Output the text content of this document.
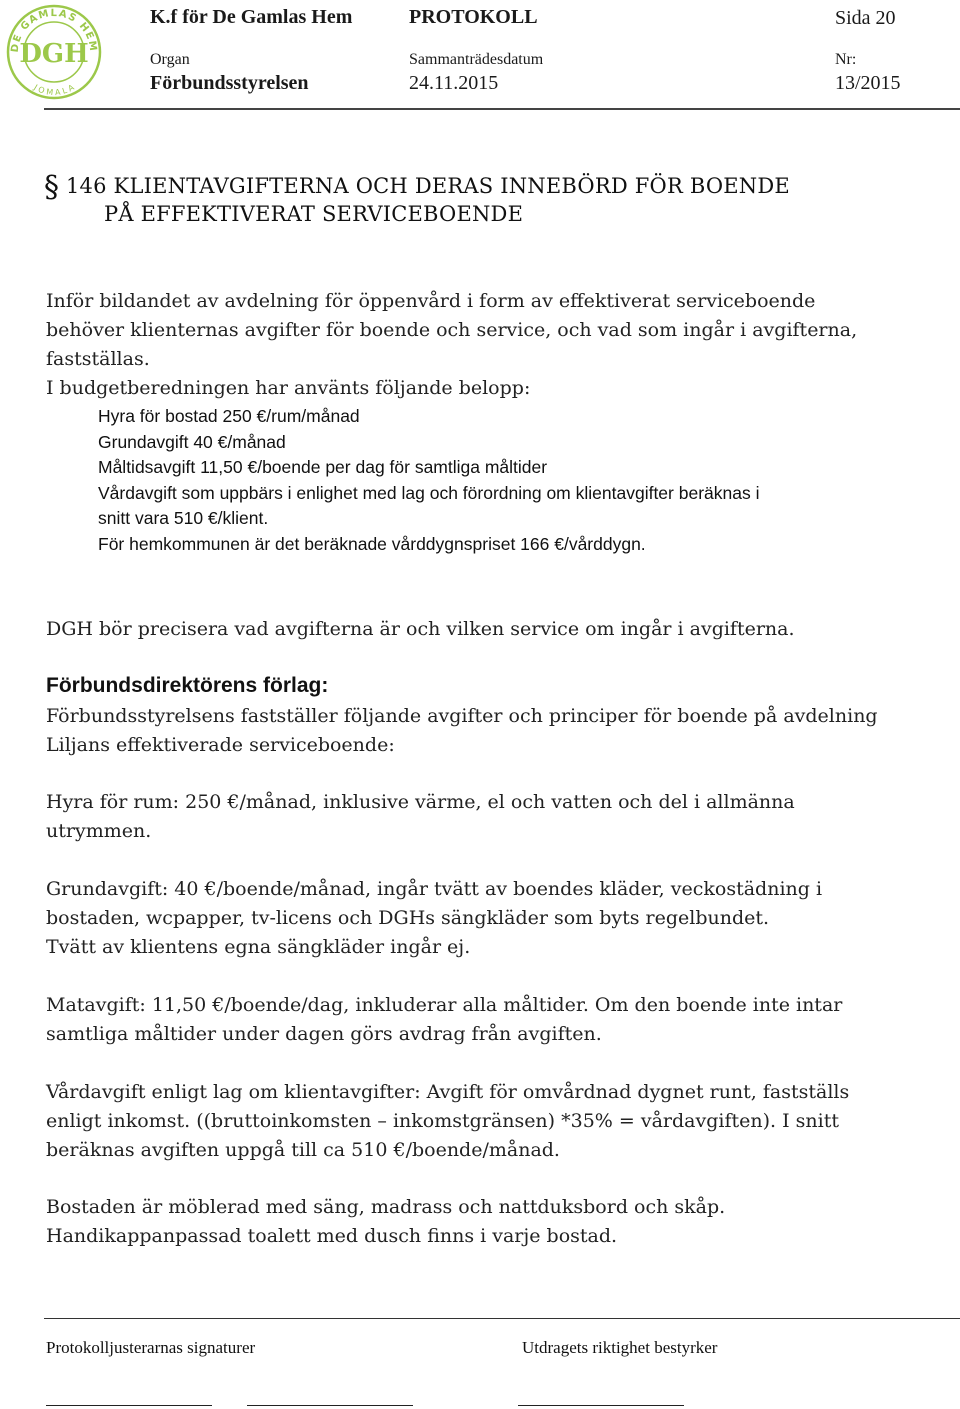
DE GAMLAS HEM
J O M A L A
DGH
K.f för De Gamlas Hem	PROTOKOLL	Sida 20
Organ	Sammanträdesdatum	Nr:
Förbundsstyrelsen	24.11.2015	13/2015
§ 146 KLIENTAVGIFTERNA OCH DERAS INNEBÖRD FÖR BOENDE
PÅ EFFEKTIVERAT SERVICEBOENDE
Inför bildandet av avdelning för öppenvård i form av effektiverat serviceboende
behöver klienternas avgifter för boende och service, och vad som ingår i avgifterna,
fastställas.
I budgetberedningen har använts följande belopp:
Hyra för bostad 250 €/rum/månad
Grundavgift 40 €/månad
Måltidsavgift 11,50 €/boende per dag för samtliga måltider
Vårdavgift som uppbärs i enlighet med lag och förordning om klientavgifter beräknas i
snitt vara 510 €/klient.
För hemkommunen är det beräknade vårddygnspriset 166 €/vårddygn.
DGH bör precisera vad avgifterna är och vilken service om ingår i avgifterna.
Förbundsdirektörens förlag:
Förbundsstyrelsens fastställer följande avgifter och principer för boende på avdelning
Liljans effektiverade serviceboende:
Hyra för rum: 250 €/månad, inklusive värme, el och vatten och del i allmänna
utrymmen.
Grundavgift: 40 €/boende/månad, ingår tvätt av boendes kläder, veckostädning i
bostaden, wcpapper, tv-licens och DGHs sängkläder som byts regelbundet.
Tvätt av klientens egna sängkläder ingår ej.
Matavgift: 11,50 €/boende/dag, inkluderar alla måltider. Om den boende inte intar
samtliga måltider under dagen görs avdrag från avgiften.
Vårdavgift enligt lag om klientavgifter: Avgift för omvårdnad dygnet runt, fastställs
enligt inkomst. ((bruttoinkomsten – inkomstgränsen) *35% = vårdavgiften). I snitt
beräknas avgiften uppgå till ca 510 €/boende/månad.
Bostaden är möblerad med säng, madrass och nattduksbord och skåp.
Handikappanpassad toalett med dusch finns i varje bostad.
Protokolljusterarnas signaturer	Utdragets riktighet bestyrker
